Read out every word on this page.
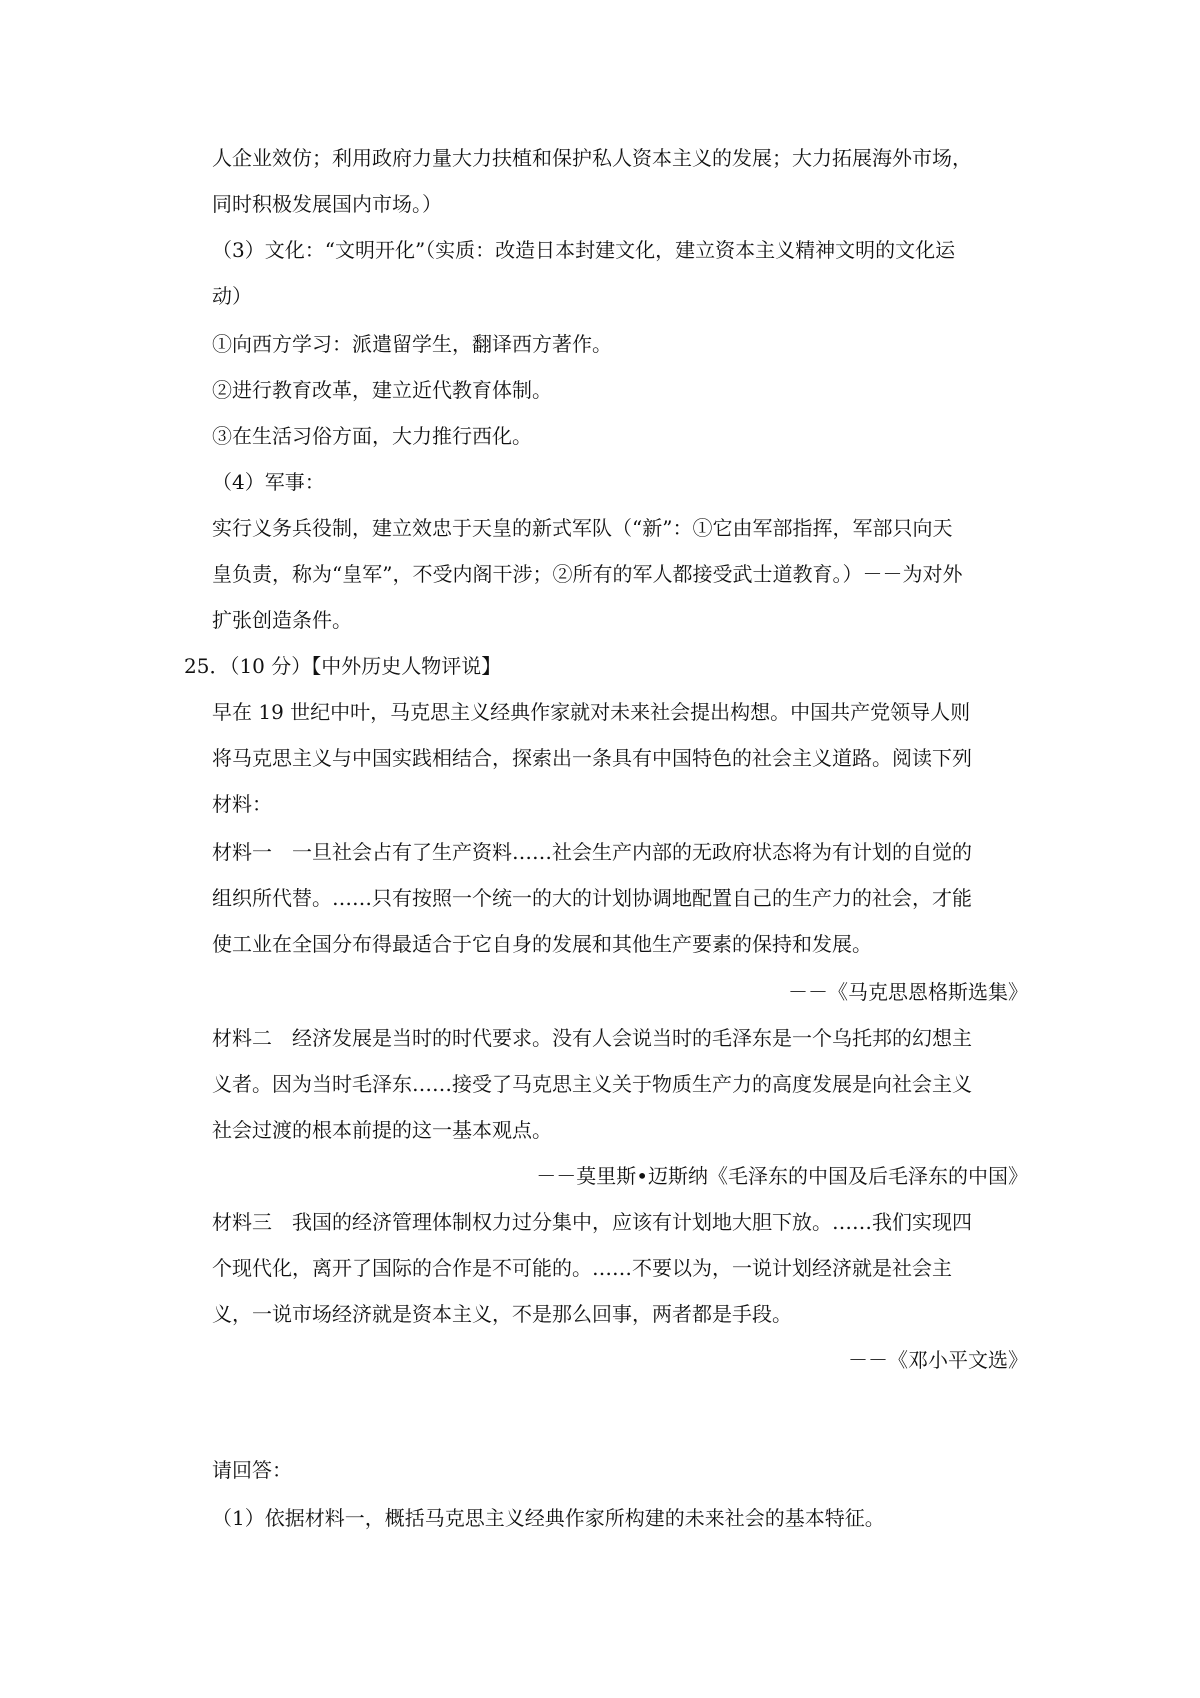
人企业效仿；利用政府力量大力扶植和保护私人资本主义的发展；大力拓展海外市场，
同时积极发展国内市场。）
（3）文化：“文明开化”（实质：改造日本封建文化，建立资本主义精神文明的文化运
动）
①向西方学习：派遣留学生，翻译西方著作。
②进行教育改革，建立近代教育体制。
③在生活习俗方面，大力推行西化。
（4）军事：
实行义务兵役制，建立效忠于天皇的新式军队（“新”：①它由军部指挥，军部只向天
皇负责，称为“皇军”，不受内阁干涉；②所有的军人都接受武士道教育。）－－为对外
扩张创造条件。
25．（10 分）【中外历史人物评说】
早在 19 世纪中叶，马克思主义经典作家就对未来社会提出构想。中国共产党领导人则
将马克思主义与中国实践相结合，探索出一条具有中国特色的社会主义道路。阅读下列
材料：
材料一　一旦社会占有了生产资料……社会生产内部的无政府状态将为有计划的自觉的
组织所代替。……只有按照一个统一的大的计划协调地配置自己的生产力的社会，才能
使工业在全国分布得最适合于它自身的发展和其他生产要素的保持和发展。
－－《马克思恩格斯选集》
材料二　经济发展是当时的时代要求。没有人会说当时的毛泽东是一个乌托邦的幻想主
义者。因为当时毛泽东……接受了马克思主义关于物质生产力的高度发展是向社会主义
社会过渡的根本前提的这一基本观点。
－－莫里斯•迈斯纳《毛泽东的中国及后毛泽东的中国》
材料三　我国的经济管理体制权力过分集中，应该有计划地大胆下放。……我们实现四
个现代化，离开了国际的合作是不可能的。……不要以为，一说计划经济就是社会主
义，一说市场经济就是资本主义，不是那么回事，两者都是手段。
－－《邓小平文选》
请回答：
（1）依据材料一，概括马克思主义经典作家所构建的未来社会的基本特征。
